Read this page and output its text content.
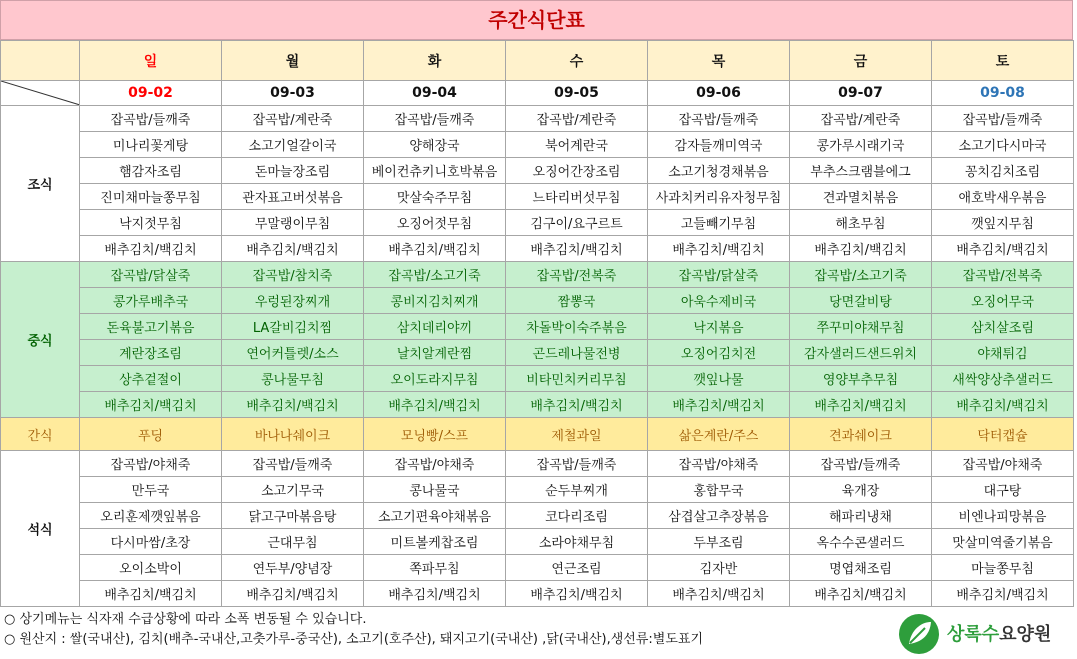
주간식단표
	일	월	화	수	목	금	토

	09-02	09-03	09-04	09-05	09-06	09-07	09-08
조식	잡곡밥/들깨죽	잡곡밥/계란죽	잡곡밥/들깨죽	잡곡밥/계란죽	잡곡밥/들깨죽	잡곡밥/계란죽	잡곡밥/들깨죽
	미나리꽃게탕	소고기얼갈이국	양해장국	북어계란국	감자들깨미역국	콩가루시래기국	소고기다시마국
	햄감자조림	돈마늘장조림	베이컨츄키니호박볶음	오징어간장조림	소고기청경채볶음	부추스크램블에그	꽁치김치조림
	진미채마늘쫑무침	관자표고버섯볶음	맛살숙주무침	느타리버섯무침	사과치커리유자청무침	견과멸치볶음	애호박새우볶음
	낙지젓무침	무말랭이무침	오징어젓무침	김구이/요구르트	고들빼기무침	해초무침	깻잎지무침
	배추김치/백김치	배추김치/백김치	배추김치/백김치	배추김치/백김치	배추김치/백김치	배추김치/백김치	배추김치/백김치
중식	잡곡밥/닭살죽	잡곡밥/참치죽	잡곡밥/소고기죽	잡곡밥/전복죽	잡곡밥/닭살죽	잡곡밥/소고기죽	잡곡밥/전복죽
	콩가루배추국	우렁된장찌개	콩비지김치찌개	짬뽕국	아욱수제비국	당면갈비탕	오징어무국
	돈육불고기볶음	LA갈비김치찜	삼치데리야끼	차돌박이숙주볶음	낙지볶음	쭈꾸미야채무침	삼치살조림
	계란장조림	연어커틀렛/소스	날치알계란찜	곤드레나물전병	오징어김치전	감자샐러드샌드위치	야채튀김
	상추겉절이	콩나물무침	오이도라지무침	비타민치커리무침	깻잎나물	영양부추무침	새싹양상추샐러드
	배추김치/백김치	배추김치/백김치	배추김치/백김치	배추김치/백김치	배추김치/백김치	배추김치/백김치	배추김치/백김치
간식	푸딩	바나나쉐이크	모닝빵/스프	제철과일	삶은계란/주스	견과쉐이크	닥터캡슐
석식	잡곡밥/야채죽	잡곡밥/들깨죽	잡곡밥/야채죽	잡곡밥/들깨죽	잡곡밥/야채죽	잡곡밥/들깨죽	잡곡밥/야채죽
	만두국	소고기무국	콩나물국	순두부찌개	홍합무국	육개장	대구탕
	오리훈제깻잎볶음	닭고구마볶음탕	소고기편육야채볶음	코다리조림	삼겹살고추장볶음	해파리냉채	비엔나피망볶음
	다시마쌈/초장	근대무침	미트볼케찹조림	소라야채무침	두부조림	옥수수콘샐러드	맛살미역줄기볶음
	오이소박이	연두부/양념장	쪽파무침	연근조림	김자반	명엽채조림	마늘쫑무침
	배추김치/백김치	배추김치/백김치	배추김치/백김치	배추김치/백김치	배추김치/백김치	배추김치/백김치	배추김치/백김치
○ 상기메뉴는 식자재 수급상황에 따라 소폭 변동될 수 있습니다.
○ 원산지 : 쌀(국내산), 김치(배추-국내산,고춧가루-중국산), 소고기(호주산), 돼지고기(국내산) ,닭(국내산),생선류:별도표기	상록수요양원
